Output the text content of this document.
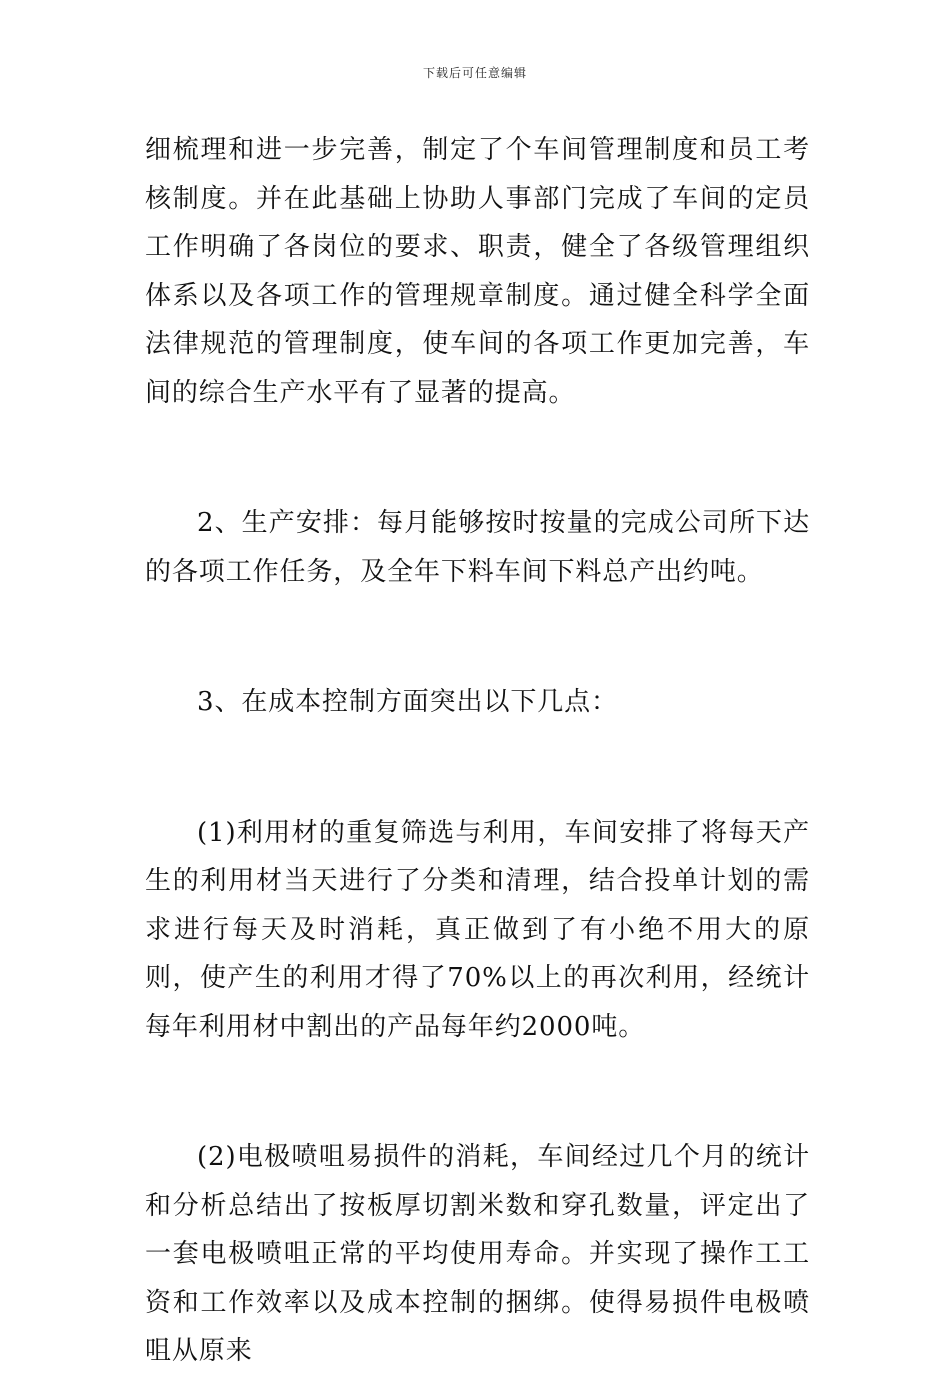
下载后可任意编辑

细梳理和进一步完善，制定了个车间管理制度和员工考核制度。并在此基础上协助人事部门完成了车间的定员工作明确了各岗位的要求、职责，健全了各级管理组织体系以及各项工作的管理规章制度。通过健全科学全面法律规范的管理制度，使车间的各项工作更加完善，车间的综合生产水平有了显著的提高。

2、生产安排：每月能够按时按量的完成公司所下达的各项工作任务，及全年下料车间下料总产出约吨。

3、在成本控制方面突出以下几点：

(1)利用材的重复筛选与利用，车间安排了将每天产生的利用材当天进行了分类和清理，结合投单计划的需求进行每天及时消耗，真正做到了有小绝不用大的原则，使产生的利用才得了70%以上的再次利用，经统计每年利用材中割出的产品每年约2000吨。

(2)电极喷咀易损件的消耗，车间经过几个月的统计和分析总结出了按板厚切割米数和穿孔数量，评定出了一套电极喷咀正常的平均使用寿命。并实现了操作工工资和工作效率以及成本控制的捆绑。使得易损件电极喷咀从原来
